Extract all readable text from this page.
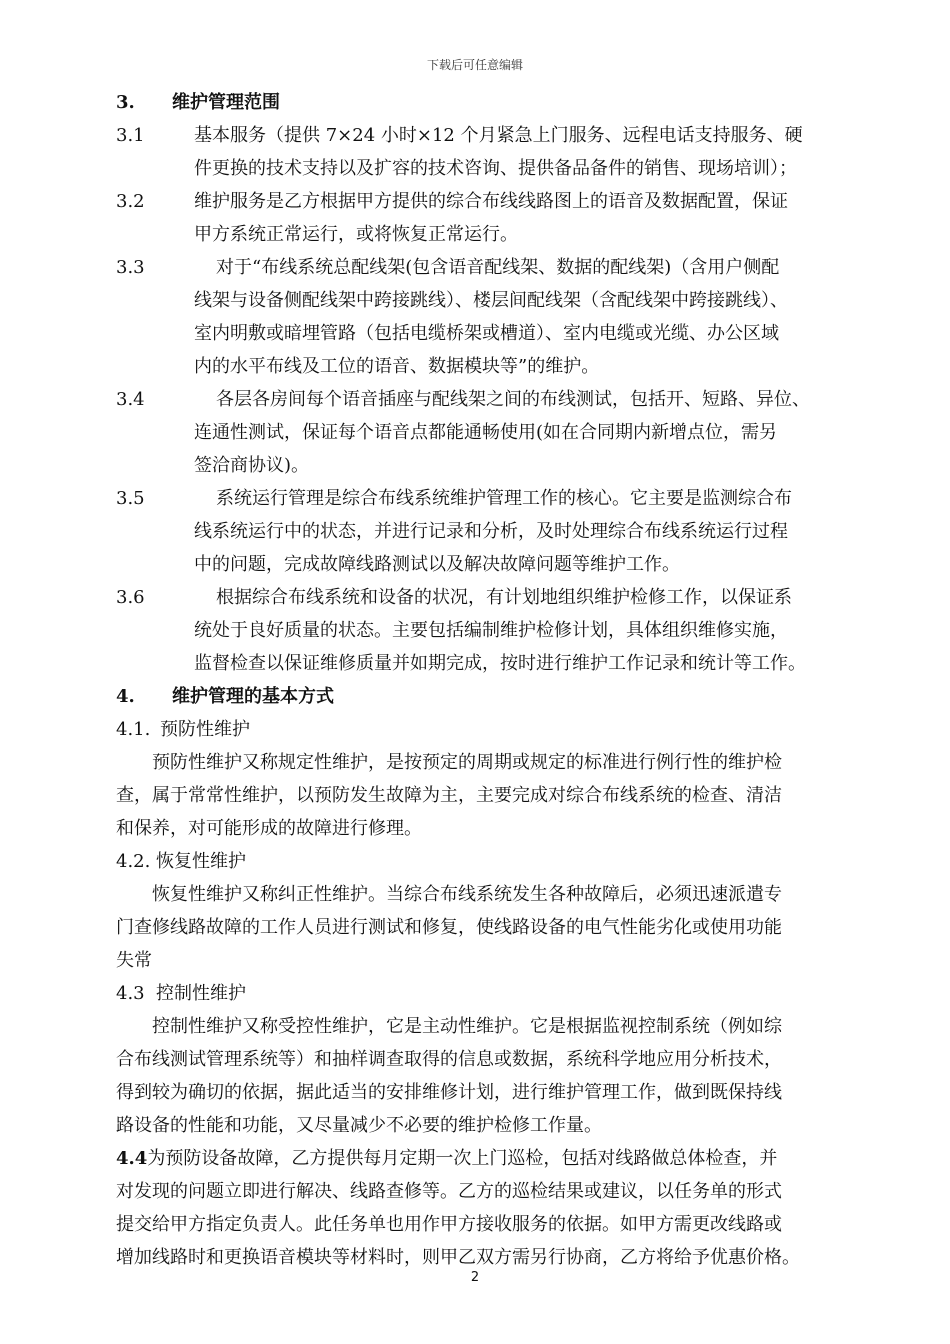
下载后可任意编辑
3. 维护管理范围
3.1	基本服务（提供 7×24 小时×12 个月紧急上门服务、远程电话支持服务、硬
件更换的技术支持以及扩容的技术咨询、提供备品备件的销售、现场培训）；
3.2	维护服务是乙方根据甲方提供的综合布线线路图上的语音及数据配置，保证
甲方系统正常运行，或将恢复正常运行。
3.3	对于“布线系统总配线架(包含语音配线架、数据的配线架)（含用户侧配
线架与设备侧配线架中跨接跳线）、楼层间配线架（含配线架中跨接跳线）、
室内明敷或暗埋管路（包括电缆桥架或槽道）、室内电缆或光缆、办公区域
内的水平布线及工位的语音、数据模块等”的维护。
3.4	各层各房间每个语音插座与配线架之间的布线测试，包括开、短路、异位、
连通性测试，保证每个语音点都能通畅使用(如在合同期内新增点位，需另
签洽商协议)。
3.5	系统运行管理是综合布线系统维护管理工作的核心。它主要是监测综合布
线系统运行中的状态，并进行记录和分析，及时处理综合布线系统运行过程
中的问题，完成故障线路测试以及解决故障问题等维护工作。
3.6	根据综合布线系统和设备的状况，有计划地组织维护检修工作，以保证系
统处于良好质量的状态。主要包括编制维护检修计划，具体组织维修实施，
监督检查以保证维修质量并如期完成，按时进行维护工作记录和统计等工作。
4. 维护管理的基本方式
4.1. 预防性维护
预防性维护又称规定性维护，是按预定的周期或规定的标准进行例行性的维护检
查，属于常常性维护，以预防发生故障为主，主要完成对综合布线系统的检查、清洁
和保养，对可能形成的故障进行修理。
4.2. 恢复性维护
恢复性维护又称纠正性维护。当综合布线系统发生各种故障后，必须迅速派遣专
门查修线路故障的工作人员进行测试和修复，使线路设备的电气性能劣化或使用功能
失常
4.3 控制性维护
控制性维护又称受控性维护，它是主动性维护。它是根据监视控制系统（例如综
合布线测试管理系统等）和抽样调查取得的信息或数据，系统科学地应用分析技术，
得到较为确切的依据，据此适当的安排维修计划，进行维护管理工作，做到既保持线
路设备的性能和功能，又尽量减少不必要的维护检修工作量。
4.4为预防设备故障，乙方提供每月定期一次上门巡检，包括对线路做总体检查，并
对发现的问题立即进行解决、线路查修等。乙方的巡检结果或建议，以任务单的形式
提交给甲方指定负责人。此任务单也用作甲方接收服务的依据。如甲方需更改线路或
增加线路时和更换语音模块等材料时，则甲乙双方需另行协商，乙方将给予优惠价格。
2
